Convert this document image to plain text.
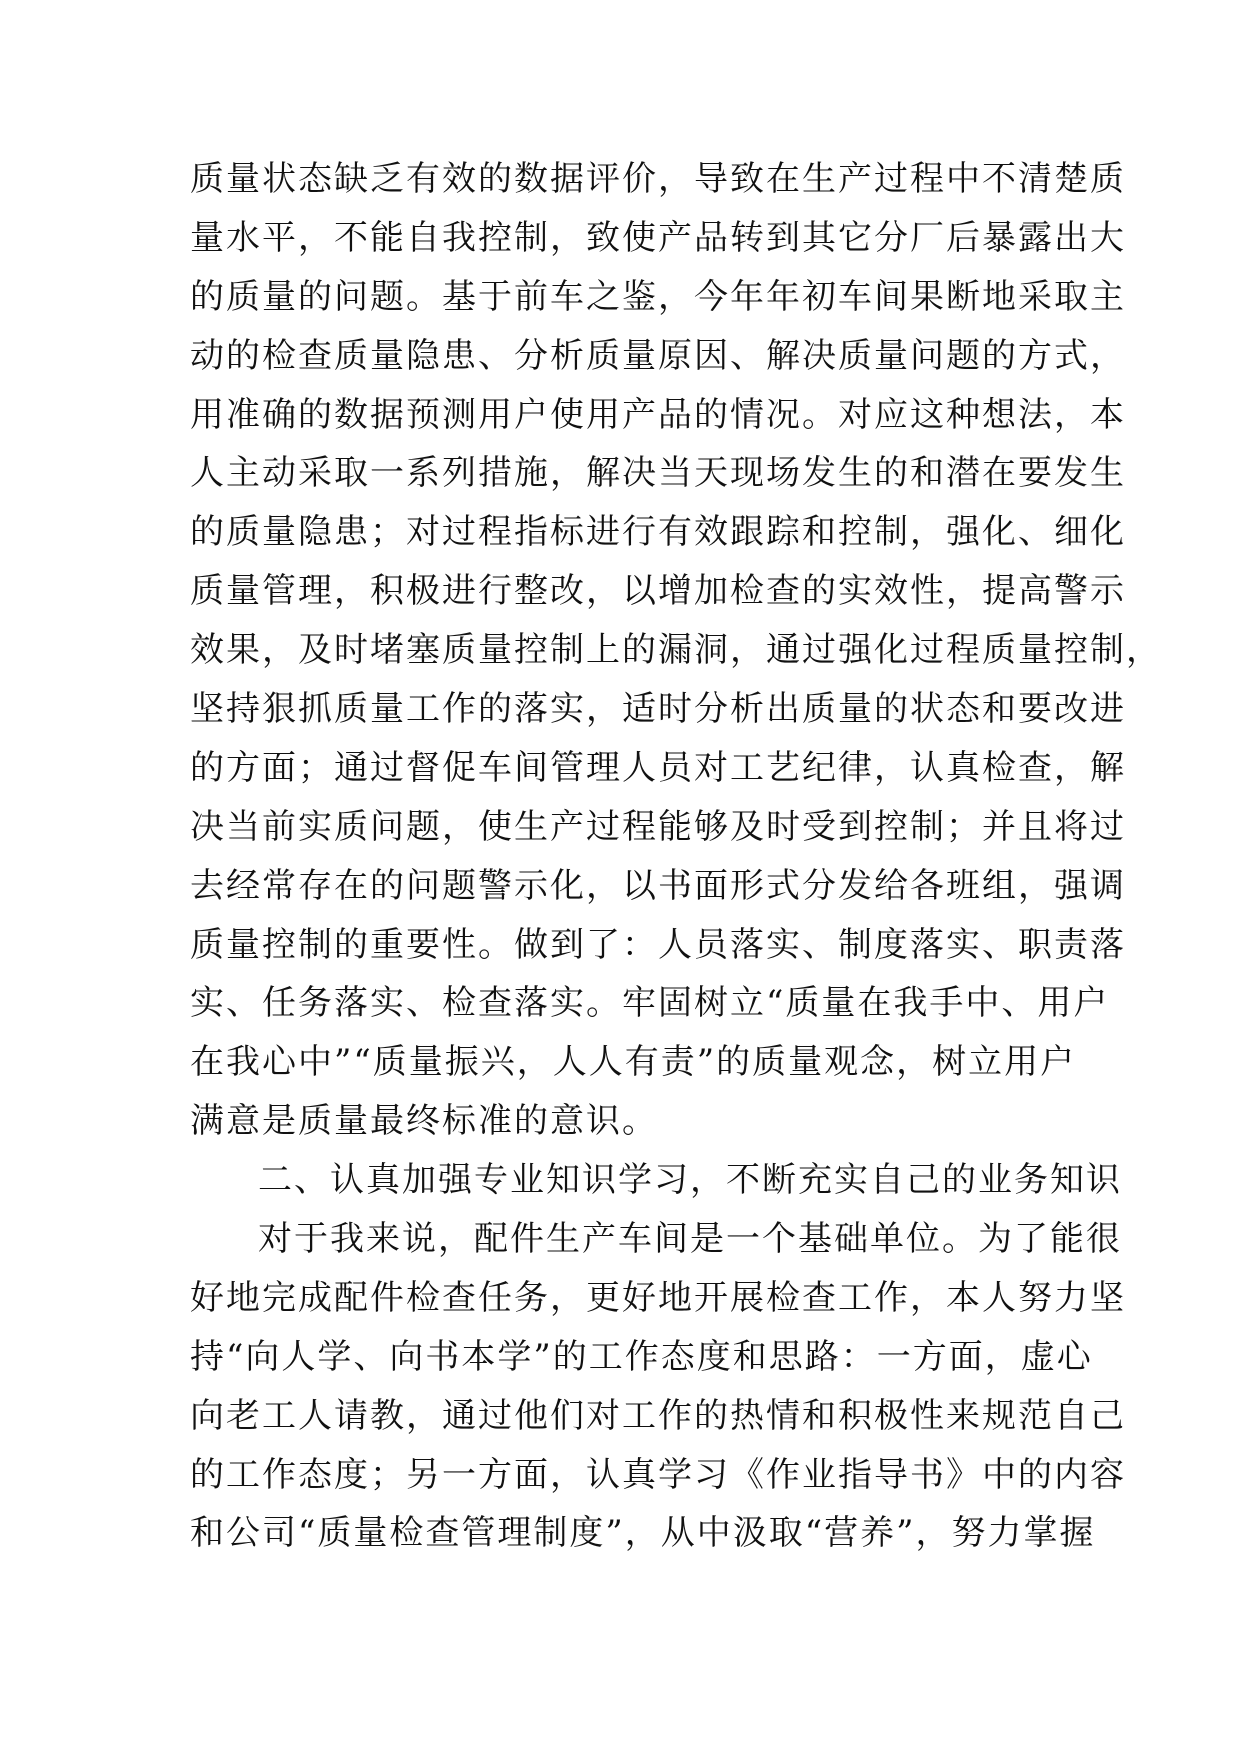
质量状态缺乏有效的数据评价，导致在生产过程中不清楚质
量水平，不能自我控制，致使产品转到其它分厂后暴露出大
的质量的问题。基于前车之鉴，今年年初车间果断地采取主
动的检查质量隐患、分析质量原因、解决质量问题的方式，
用准确的数据预测用户使用产品的情况。对应这种想法，本
人主动采取一系列措施，解决当天现场发生的和潜在要发生
的质量隐患；对过程指标进行有效跟踪和控制，强化、细化
质量管理，积极进行整改，以增加检查的实效性，提高警示
效果，及时堵塞质量控制上的漏洞，通过强化过程质量控制，
坚持狠抓质量工作的落实，适时分析出质量的状态和要改进
的方面；通过督促车间管理人员对工艺纪律，认真检查，解
决当前实质问题，使生产过程能够及时受到控制；并且将过
去经常存在的问题警示化，以书面形式分发给各班组，强调
质量控制的重要性。做到了：人员落实、制度落实、职责落
实、任务落实、检查落实。牢固树立“质量在我手中、用户
在我心中”“质量振兴，人人有责”的质量观念，树立用户
满意是质量最终标准的意识。
二、认真加强专业知识学习，不断充实自己的业务知识
对于我来说，配件生产车间是一个基础单位。为了能很
好地完成配件检查任务，更好地开展检查工作，本人努力坚
持“向人学、向书本学”的工作态度和思路：一方面，虚心
向老工人请教，通过他们对工作的热情和积极性来规范自己
的工作态度；另一方面，认真学习《作业指导书》中的内容
和公司“质量检查管理制度”，从中汲取“营养”，努力掌握
